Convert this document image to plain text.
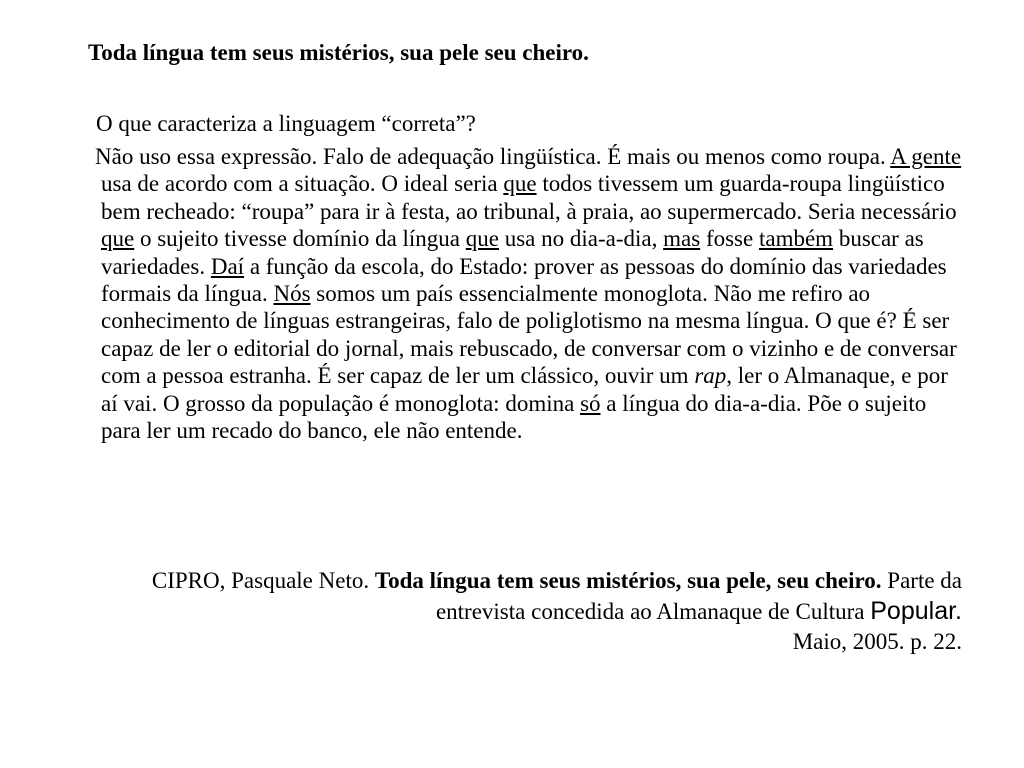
Toda língua tem seus mistérios, sua pele seu cheiro.
O que caracteriza a linguagem “correta”?
Não uso essa expressão. Falo de adequação lingüística. É mais ou menos como roupa. A gente usa de acordo com a situação. O ideal seria que todos tivessem um guarda-roupa lingüístico bem recheado: “roupa” para ir à festa, ao tribunal, à praia, ao supermercado. Seria necessário que o sujeito tivesse domínio da língua que usa no dia-a-dia, mas fosse também buscar as variedades. Daí a função da escola, do Estado: prover as pessoas do domínio das variedades formais da língua. Nós somos um país essencialmente monoglota. Não me refiro ao conhecimento de línguas estrangeiras, falo de poliglotismo na mesma língua. O que é? É ser capaz de ler o editorial do jornal, mais rebuscado, de conversar com o vizinho e de conversar com a pessoa estranha. É ser capaz de ler um clássico, ouvir um rap, ler o Almanaque, e por aí vai. O grosso da população é monoglota: domina só a língua do dia-a-dia. Põe o sujeito para ler um recado do banco, ele não entende.
CIPRO, Pasquale Neto. Toda língua tem seus mistérios, sua pele, seu cheiro. Parte da entrevista concedida ao Almanaque de Cultura Popular.
Maio, 2005. p. 22.
